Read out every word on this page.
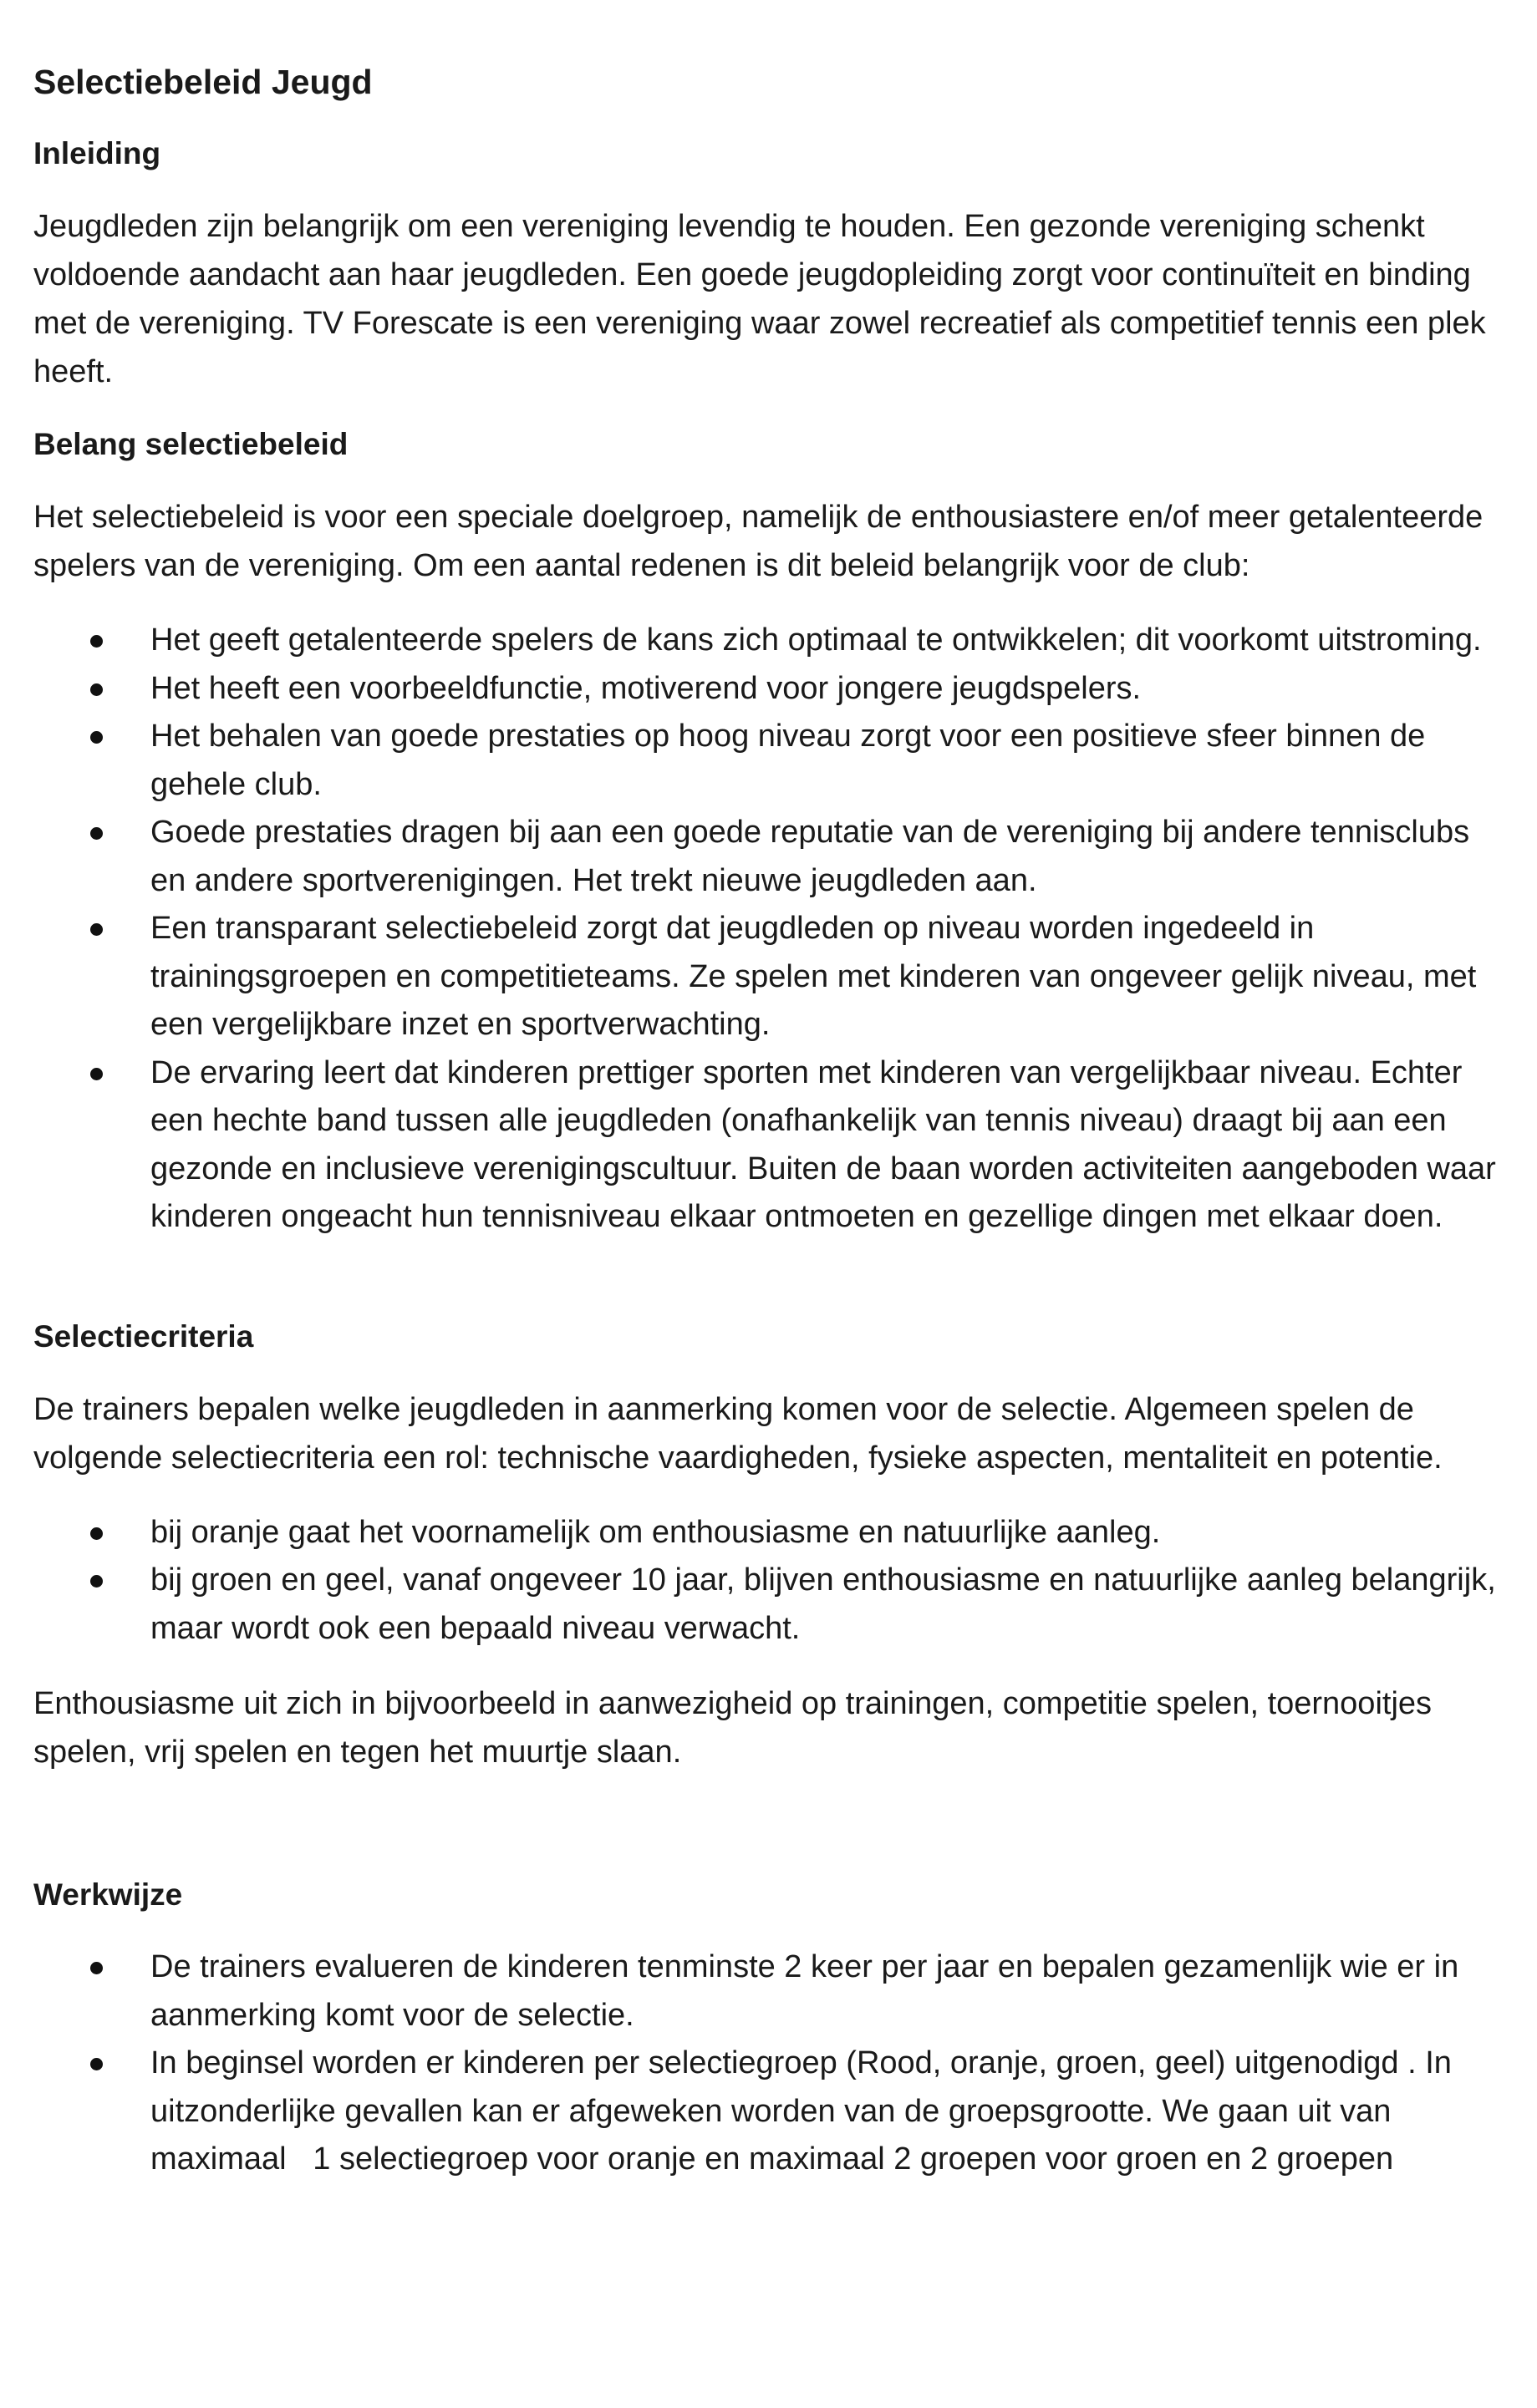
Selectiebeleid Jeugd
Inleiding

Jeugdleden zijn belangrijk om een vereniging levendig te houden. Een gezonde vereniging schenkt voldoende aandacht aan haar jeugdleden. Een goede jeugdopleiding zorgt voor continuïteit en binding met de vereniging. TV Forescate is een vereniging waar zowel recreatief als competitief tennis een plek heeft.

Belang selectiebeleid

Het selectiebeleid is voor een speciale doelgroep, namelijk de enthousiastere en/of meer getalenteerde spelers van de vereniging. Om een aantal redenen is dit beleid belangrijk voor de club:

Het geeft getalenteerde spelers de kans zich optimaal te ontwikkelen; dit voorkomt uitstroming.
Het heeft een voorbeeldfunctie, motiverend voor jongere jeugdspelers.
Het behalen van goede prestaties op hoog niveau zorgt voor een positieve sfeer binnen de gehele club.
Goede prestaties dragen bij aan een goede reputatie van de vereniging bij andere tennisclubs en andere sportverenigingen. Het trekt nieuwe jeugdleden aan.
Een transparant selectiebeleid zorgt dat jeugdleden op niveau worden ingedeeld in trainingsgroepen en competitieteams. Ze spelen met kinderen van ongeveer gelijk niveau, met een vergelijkbare inzet en sportverwachting.
De ervaring leert dat kinderen prettiger sporten met kinderen van vergelijkbaar niveau. Echter een hechte band tussen alle jeugdleden (onafhankelijk van tennis niveau) draagt bij aan een gezonde en inclusieve verenigingscultuur. Buiten de baan worden activiteiten aangeboden waar kinderen ongeacht hun tennisniveau elkaar ontmoeten en gezellige dingen met elkaar doen.
Selectiecriteria

De trainers bepalen welke jeugdleden in aanmerking komen voor de selectie. Algemeen spelen de volgende selectiecriteria een rol: technische vaardigheden, fysieke aspecten, mentaliteit en potentie.

bij oranje gaat het voornamelijk om enthousiasme en natuurlijke aanleg.
bij groen en geel, vanaf ongeveer 10 jaar, blijven enthousiasme en natuurlijke aanleg belangrijk, maar wordt ook een bepaald niveau verwacht.

Enthousiasme uit zich in bijvoorbeeld in aanwezigheid op trainingen, competitie spelen, toernooitjes spelen, vrij spelen en tegen het muurtje slaan.

Werkwijze
De trainers evalueren de kinderen tenminste 2 keer per jaar en bepalen gezamenlijk wie er in aanmerking komt voor de selectie.
In beginsel worden er kinderen per selectiegroep (Rood, oranje, groen, geel) uitgenodigd . In uitzonderlijke gevallen kan er afgeweken worden van de groepsgrootte. We gaan uit van maximaal   1 selectiegroep voor oranje en maximaal 2 groepen voor groen en 2 groepen
